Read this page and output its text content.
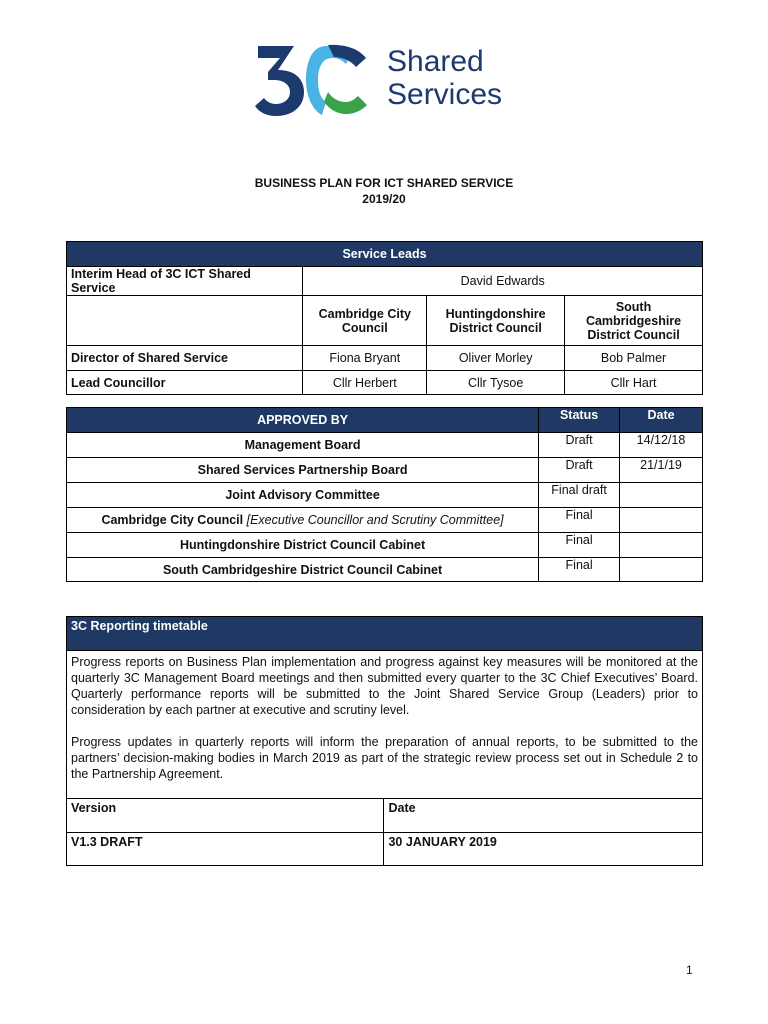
Shared
Services
BUSINESS PLAN FOR ICT SHARED SERVICE
2019/20
Service Leads			
Interim Head of 3C ICT Shared Service	David Edwards		
	Cambridge City Council	Huntingdonshire District Council	South Cambridgeshire District Council
Director of Shared Service	Fiona Bryant	Oliver Morley	Bob Palmer
Lead Councillor	Cllr Herbert	Cllr Tysoe	Cllr Hart
APPROVED BY	Status	Date
Management Board	Draft	14/12/18
Shared Services Partnership Board	Draft	21/1/19
Joint Advisory Committee	Final draft	
Cambridge City Council [Executive Councillor and Scrutiny Committee]	Final	
Huntingdonshire District Council Cabinet	Final	
South Cambridgeshire District Council Cabinet	Final	
3C Reporting timetable	

Progress reports on Business Plan implementation and progress against key measures will be monitored at the quarterly 3C Management Board meetings and then submitted every quarter to the 3C Chief Executives’ Board. Quarterly performance reports will be submitted to the Joint Shared Service Group (Leaders) prior to consideration by each partner at executive and scrutiny level.

Progress updates in quarterly reports will inform the preparation of annual reports, to be submitted to the partners’ decision-making bodies in March 2019 as part of the strategic review process set out in Schedule 2 to the Partnership Agreement.	

Version	Date
V1.3 DRAFT	30 JANUARY 2019
1
